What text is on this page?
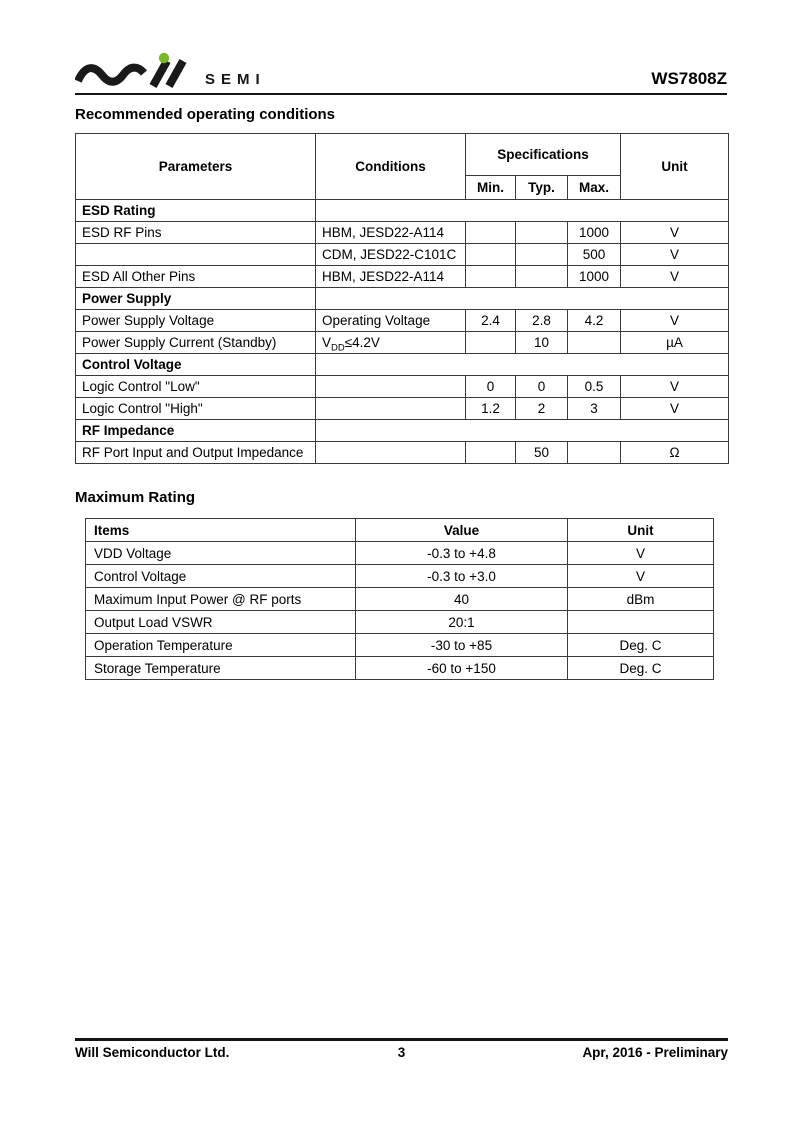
SEMI	WS7808Z
Recommended operating conditions
Parameters	Conditions	Specifications			Unit
		Min.	Typ.	Max.	
ESD Rating					
ESD RF Pins	HBM, JESD22-A114			1000	V
	CDM, JESD22-C101C			500	V
ESD All Other Pins	HBM, JESD22-A114			1000	V
Power Supply					
Power Supply Voltage	Operating Voltage	2.4	2.8	4.2	V
Power Supply Current (Standby)	$V_{DD}\le 4.2V$		10		µA
Control Voltage					
Logic Control "Low"		0	0	0.5	V
Logic Control "High"		1.2	2	3	V
RF Impedance					
RF Port Input and Output Impedance			50		Ω
Maximum Rating
Items	Value	Unit
VDD Voltage	-0.3 to +4.8	V
Control Voltage	-0.3 to +3.0	V
Maximum Input Power @ RF ports	40	dBm
Output Load VSWR	20:1	
Operation Temperature	-30 to +85	Deg. C
Storage Temperature	-60 to +150	Deg. C
Will Semiconductor Ltd.	3	Apr, 2016 - Preliminary
